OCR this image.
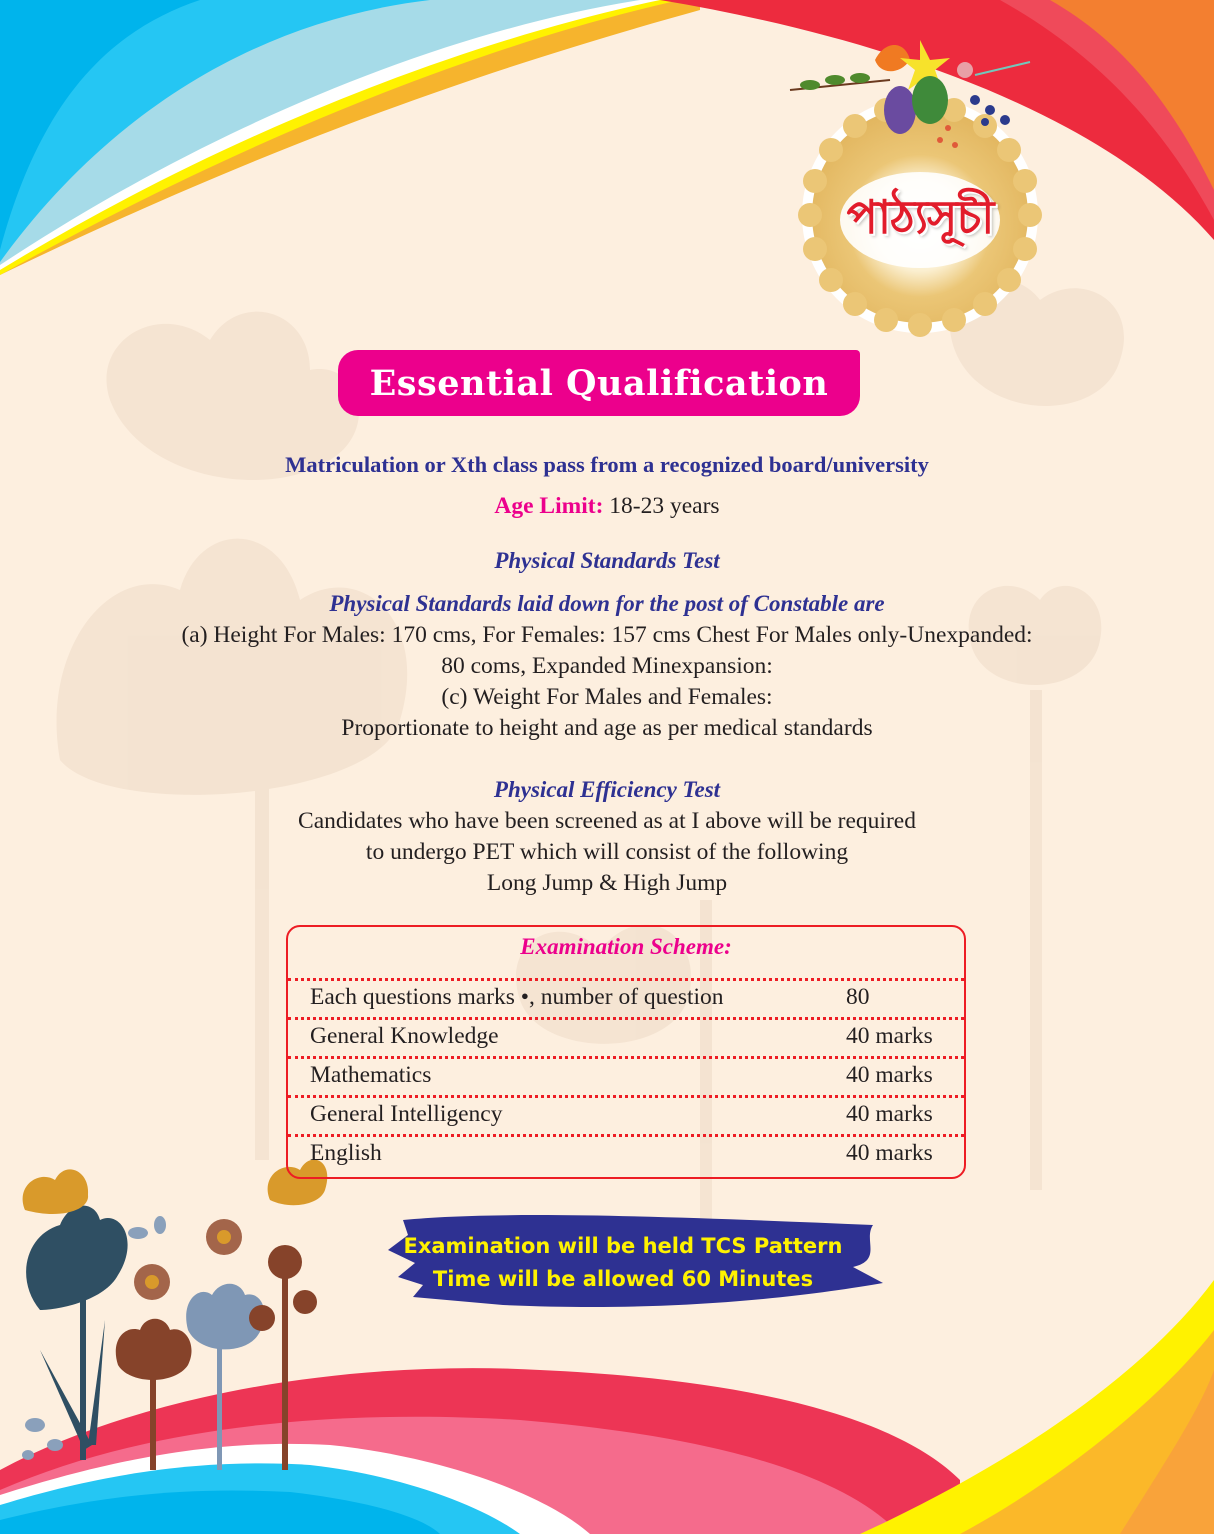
পাঠ্যসূচী
Essential Qualification
Matriculation or Xth class pass from a recognized board/university
Age Limit: 18-23 years
Physical Standards Test
Physical Standards laid down for the post of Constable are
(a) Height For Males: 170 cms, For Females: 157 cms Chest For Males only-Unexpanded:
80 coms, Expanded Minexpansion:
(c) Weight For Males and Females:
Proportionate to height and age as per medical standards
Physical Efficiency Test
Candidates who have been screened as at I above will be required
to undergo PET which will consist of the following
Long Jump & High Jump
Examination Scheme:
Each questions marks •, number of question	80
General Knowledge	40 marks
Mathematics	40 marks
General Intelligency	40 marks
English	40 marks
Examination will be held TCS Pattern
Time will be allowed 60 Minutes
